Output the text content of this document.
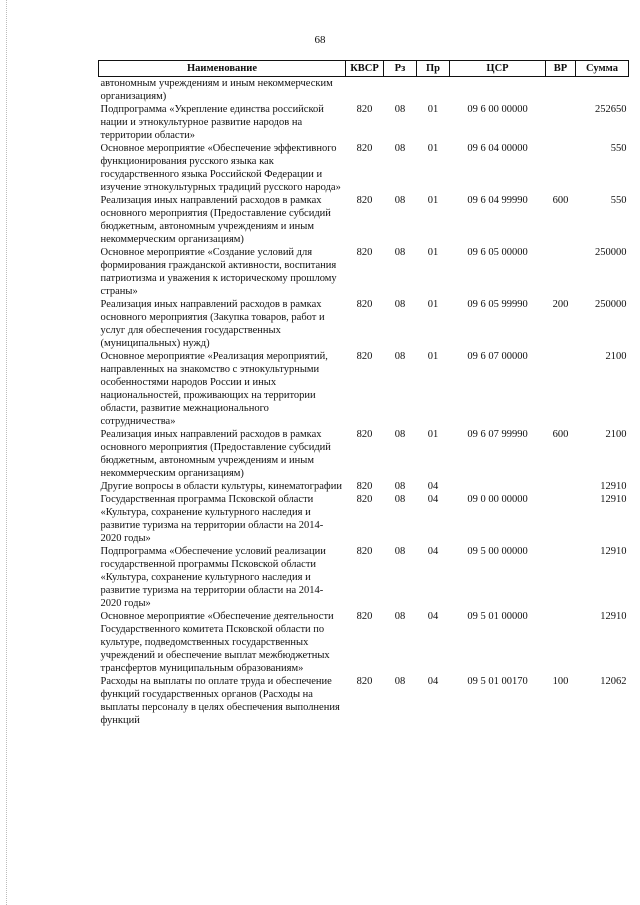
68
Наименование	КВСР	Рз	Пр	ЦСР	ВР	Сумма
автономным учреждениям и иным некоммерческим организациям)						
Подпрограмма «Укрепление единства российской нации и этнокультурное развитие народов на территории области»	820	08	01	09 6 00 00000		252650
Основное мероприятие «Обеспечение эффективного функционирования русского языка как государственного языка Российской Федерации и изучение этнокультурных традиций русского народа»	820	08	01	09 6 04 00000		550
Реализация иных направлений расходов в рамках основного мероприятия (Предоставление субсидий бюджетным, автономным учреждениям и иным некоммерческим организациям)	820	08	01	09 6 04 99990	600	550
Основное мероприятие «Создание условий для формирования гражданской активности, воспитания патриотизма и уважения к историческому прошлому страны»	820	08	01	09 6 05 00000		250000
Реализация иных направлений расходов в рамках основного мероприятия (Закупка товаров, работ и услуг для обеспечения государственных (муниципальных) нужд)	820	08	01	09 6 05 99990	200	250000
Основное мероприятие «Реализация мероприятий, направленных на знакомство с этнокультурными особенностями народов России и иных национальностей, проживающих на территории области, развитие межнационального сотрудничества»	820	08	01	09 6 07 00000		2100
Реализация иных направлений расходов в рамках основного мероприятия (Предоставление субсидий бюджетным, автономным учреждениям и иным некоммерческим организациям)	820	08	01	09 6 07 99990	600	2100
Другие вопросы в области культуры, кинематографии	820	08	04			12910
Государственная программа Псковской области «Культура, сохранение культурного наследия и развитие туризма на территории области на 2014-2020 годы»	820	08	04	09 0 00 00000		12910
Подпрограмма «Обеспечение условий реализации государственной программы Псковской области «Культура, сохранение культурного наследия и развитие туризма на территории области на 2014-2020 годы»	820	08	04	09 5 00 00000		12910
Основное мероприятие «Обеспечение деятельности Государственного комитета Псковской области по культуре, подведомственных государственных учреждений и обеспечение выплат межбюджетных трансфертов муниципальным образованиям»	820	08	04	09 5 01 00000		12910
Расходы на выплаты по оплате труда и обеспечение функций государственных органов (Расходы на выплаты персоналу в целях обеспечения выполнения функций	820	08	04	09 5 01 00170	100	12062
